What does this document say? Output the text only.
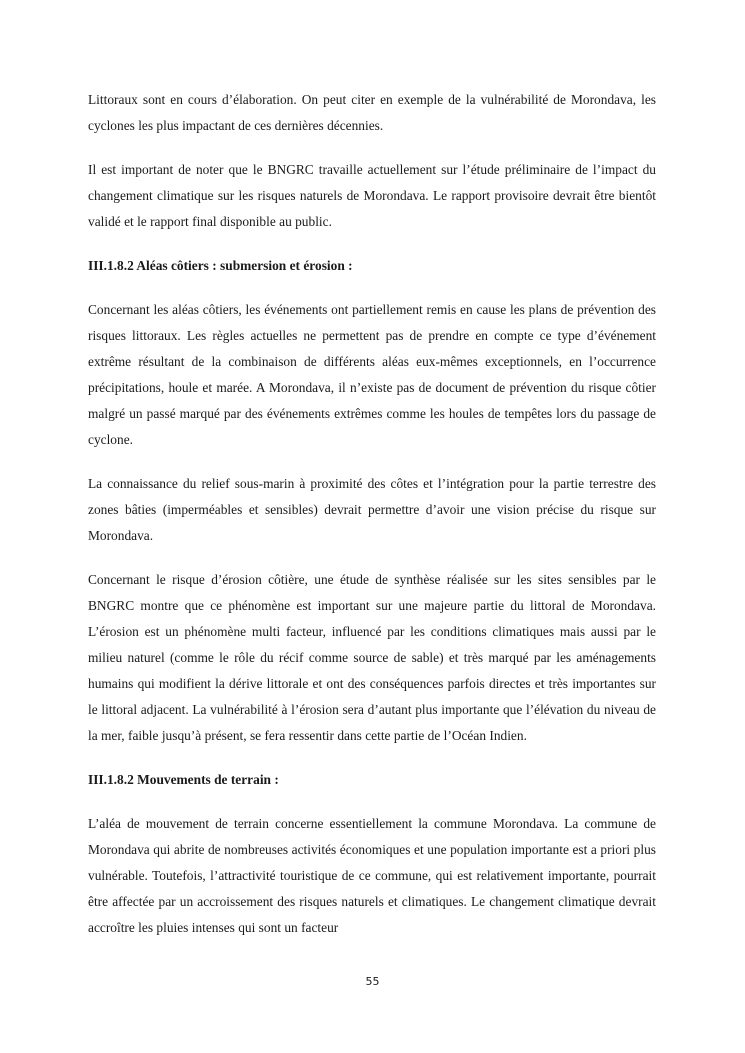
Littoraux sont en cours d’élaboration. On peut citer en exemple de la vulnérabilité de Morondava, les cyclones les plus impactant de ces dernières décennies.

Il est important de noter que le BNGRC travaille actuellement sur l’étude préliminaire de l’impact du changement climatique sur les risques naturels de Morondava. Le rapport provisoire devrait être bientôt validé et le rapport final disponible au public.

III.1.8.2 Aléas côtiers : submersion et érosion :

Concernant les aléas côtiers, les événements ont partiellement remis en cause les plans de prévention des risques littoraux. Les règles actuelles ne permettent pas de prendre en compte ce type d’événement extrême résultant de la combinaison de différents aléas eux-mêmes exceptionnels, en l’occurrence précipitations, houle et marée. A Morondava, il n’existe pas de document de prévention du risque côtier malgré un passé marqué par des événements extrêmes comme les houles de tempêtes lors du passage de cyclone.

La connaissance du relief sous-marin à proximité des côtes et l’intégration pour la partie terrestre des zones bâties (imperméables et sensibles) devrait permettre d’avoir une vision précise du risque sur Morondava.

Concernant le risque d’érosion côtière, une étude de synthèse réalisée sur les sites sensibles par le BNGRC montre que ce phénomène est important sur une majeure partie du littoral de Morondava. L’érosion est un phénomène multi facteur, influencé par les conditions climatiques mais aussi par le milieu naturel (comme le rôle du récif comme source de sable) et très marqué par les aménagements humains qui modifient la dérive littorale et ont des conséquences parfois directes et très importantes sur le littoral adjacent. La vulnérabilité à l’érosion sera d’autant plus importante que l’élévation du niveau de la mer, faible jusqu’à présent, se fera ressentir dans cette partie de l’Océan Indien.

III.1.8.2 Mouvements de terrain :

L’aléa de mouvement de terrain concerne essentiellement la commune Morondava. La commune de Morondava qui abrite de nombreuses activités économiques et une population importante est a priori plus vulnérable. Toutefois, l’attractivité touristique de ce commune, qui est relativement importante, pourrait être affectée par un accroissement des risques naturels et climatiques. Le changement climatique devrait accroître les pluies intenses qui sont un facteur

55
